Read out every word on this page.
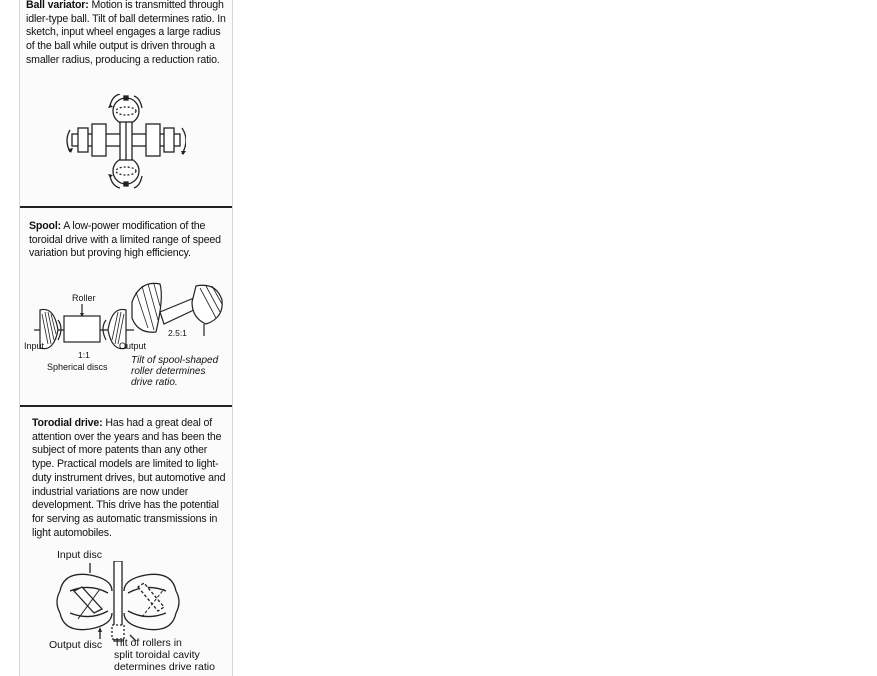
Ball variator: Motion is transmitted through idler-type ball. Tilt of ball determines ratio. In sketch, input wheel engages a large radius of the ball while output is driven through a smaller radius, producing a reduction ratio.

Spool: A low-power modification of the toroidal drive with a limited range of speed variation but proving high efficiency.

Roller
Input	Output
1:1
2.5:1
Spherical discs
Tilt of spool-shaped
roller determines
drive ratio.

Torodial drive: Has had a great deal of attention over the years and has been the subject of more patents than any other type. Practical models are limited to light-duty instrument drives, but automotive and industrial variations are now under development. This drive has the potential for serving as automatic transmissions in light automobiles.

Input disc
Output disc Tilt of rollers in
split toroidal cavity
determines drive ratio
